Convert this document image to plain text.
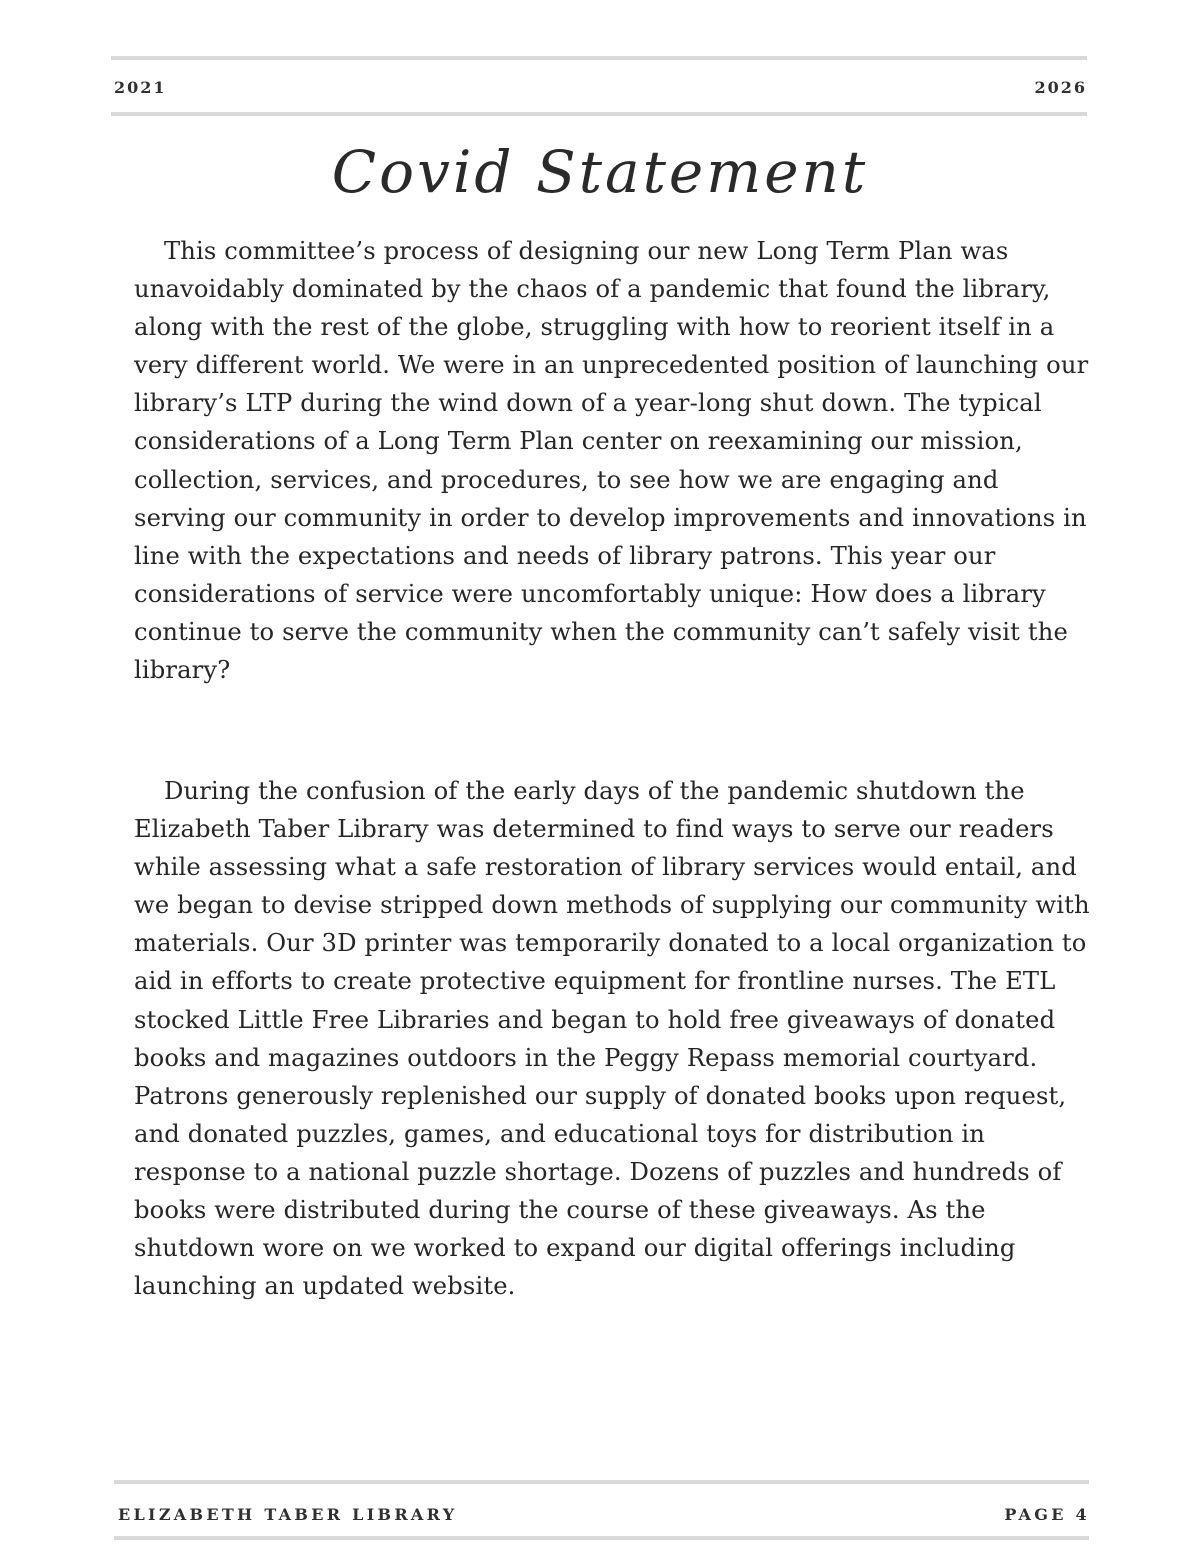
2021	2026
Covid Statement

This committee’s process of designing our new Long Term Plan was unavoidably dominated by the chaos of a pandemic that found the library, along with the rest of the globe, struggling with how to reorient itself in a very different world. We were in an unprecedented position of launching our library’s LTP during the wind down of a year-long shut down. The typical considerations of a Long Term Plan center on reexamining our mission, collection, services, and procedures, to see how we are engaging and serving our community in order to develop improvements and innovations in line with the expectations and needs of library patrons. This year our considerations of service were uncomfortably unique: How does a library continue to serve the community when the community can’t safely visit the library?

During the confusion of the early days of the pandemic shutdown the Elizabeth Taber Library was determined to find ways to serve our readers while assessing what a safe restoration of library services would entail, and we began to devise stripped down methods of supplying our community with materials. Our 3D printer was temporarily donated to a local organization to aid in efforts to create protective equipment for frontline nurses. The ETL stocked Little Free Libraries and began to hold free giveaways of donated books and magazines outdoors in the Peggy Repass memorial courtyard. Patrons generously replenished our supply of donated books upon request, and donated puzzles, games, and educational toys for distribution in response to a national puzzle shortage. Dozens of puzzles and hundreds of books were distributed during the course of these giveaways. As the shutdown wore on we worked to expand our digital offerings including launching an updated website.

ELIZABETH TABER LIBRARY	PAGE 4
